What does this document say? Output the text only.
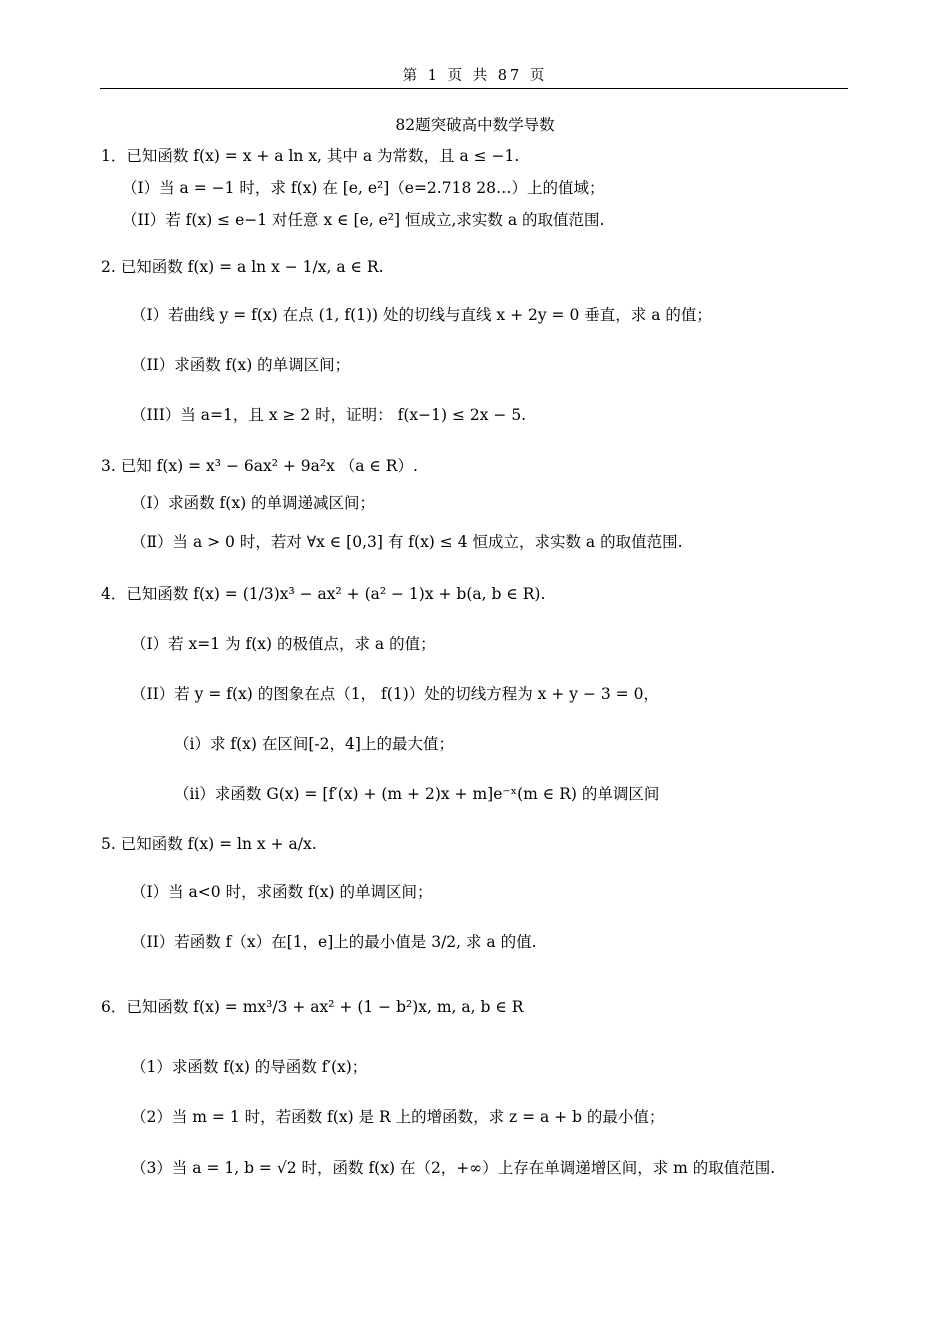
第 1 页 共 87 页
82题突破高中数学导数
1．已知函数 f(x) = x + a ln x, 其中 a 为常数，且 a ≤ −1.
（I）当 a = −1 时，求 f(x) 在 [e, e²]（e=2.718 28…）上的值域；
（II）若 f(x) ≤ e−1 对任意 x ∈ [e, e²] 恒成立,求实数 a 的取值范围.
2. 已知函数 f(x) = a ln x − 1/x, a ∈ R.
（I）若曲线 y = f(x) 在点 (1, f(1)) 处的切线与直线 x + 2y = 0 垂直，求 a 的值；
（II）求函数 f(x) 的单调区间；
（III）当 a=1，且 x ≥ 2 时，证明： f(x−1) ≤ 2x − 5.
3. 已知 f(x) = x³ − 6ax² + 9a²x （a ∈ R）.
（Ⅰ）求函数 f(x) 的单调递减区间；
（Ⅱ）当 a > 0 时，若对 ∀x ∈ [0,3] 有 f(x) ≤ 4 恒成立，求实数 a 的取值范围.
4．已知函数 f(x) = (1/3)x³ − ax² + (a² − 1)x + b(a, b ∈ R).
（I）若 x=1 为 f(x) 的极值点，求 a 的值；
（II）若 y = f(x) 的图象在点（1， f(1)）处的切线方程为 x + y − 3 = 0，
（i）求 f(x) 在区间[-2，4]上的最大值；
（ii）求函数 G(x) = [f′(x) + (m + 2)x + m]e⁻ˣ(m ∈ R) 的单调区间
5. 已知函数 f(x) = ln x + a/x.
（I）当 a<0 时，求函数 f(x) 的单调区间；
（II）若函数 f（x）在[1，e]上的最小值是 3/2, 求 a 的值.
6．已知函数 f(x) = mx³/3 + ax² + (1 − b²)x, m, a, b ∈ R
（1）求函数 f(x) 的导函数 f′(x)；
（2）当 m = 1 时，若函数 f(x) 是 R 上的增函数，求 z = a + b 的最小值；
（3）当 a = 1, b = √2 时，函数 f(x) 在（2，+∞）上存在单调递增区间，求 m 的取值范围.
